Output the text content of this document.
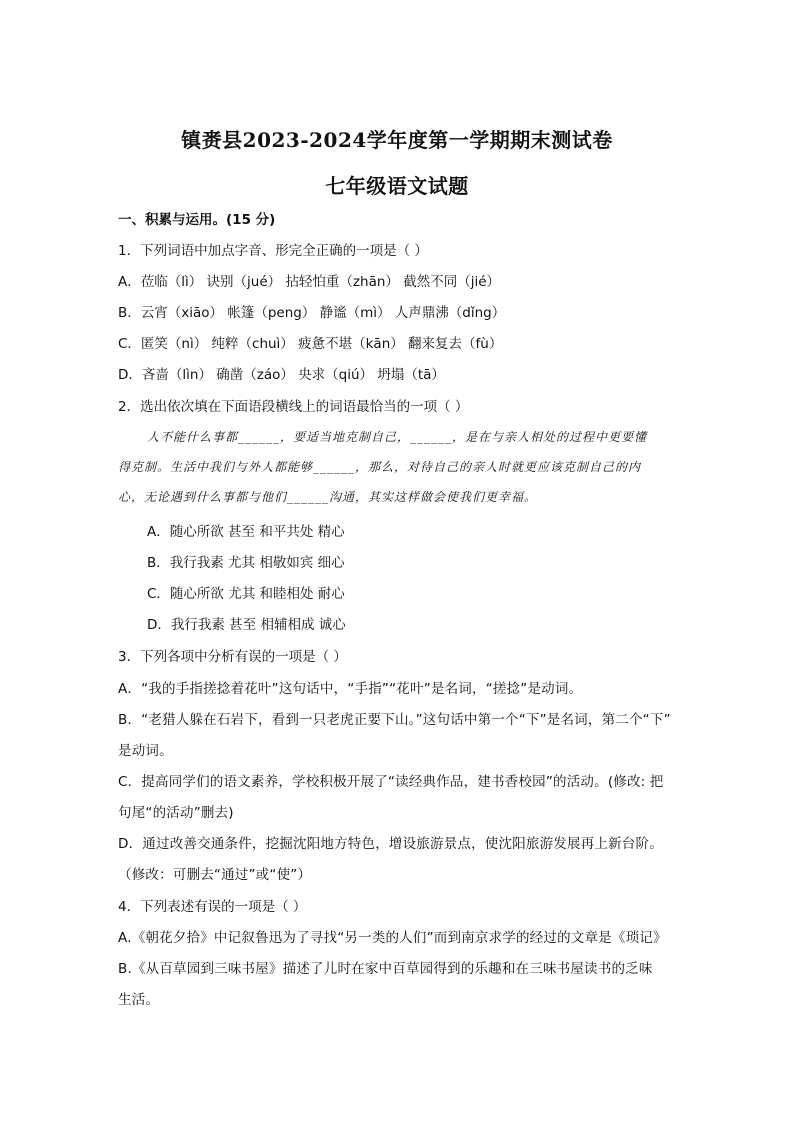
镇赉县2023-2024学年度第一学期期末测试卷
七年级语文试题
一、积累与运用。(15 分)
1．下列词语中加点字音、形完全正确的一项是（ ）
A．莅临（lì） 诀别（jué） 拈轻怕重（zhān） 截然不同（jié）
B．云宵（xiāo） 帐篷（peng） 静谧（mì） 人声鼎沸（dǐng）
C．匿笑（nì） 纯粹（chuì） 疲惫不堪（kān） 翻来复去（fù）
D．吝啬（lìn） 确凿（záo） 央求（qiú） 坍塌（tā）
2．选出依次填在下面语段横线上的词语最恰当的一项（ ）
人不能什么事都______，要适当地克制自己，______，是在与亲人相处的过程中更要懂
得克制。生活中我们与外人都能够______，那么，对待自己的亲人时就更应该克制自己的内
心，无论遇到什么事都与他们______沟通，其实这样做会使我们更幸福。
A．随心所欲 甚至 和平共处 精心
B．我行我素 尤其 相敬如宾 细心
C．随心所欲 尤其 和睦相处 耐心
D．我行我素 甚至 相辅相成 诚心
3．下列各项中分析有误的一项是（ ）
A．“我的手指搓捻着花叶”这句话中，“手指”“花叶”是名词，“搓捻”是动词。
B．“老猎人躲在石岩下，看到一只老虎正要下山。”这句话中第一个“下”是名词，第二个“下”
是动词。
C．提高同学们的语文素养，学校积极开展了“读经典作品，建书香校园”的活动。(修改: 把
句尾“的活动”删去)
D．通过改善交通条件，挖掘沈阳地方特色，增设旅游景点，使沈阳旅游发展再上新台阶。
（修改：可删去“通过”或“使”）
4．下列表述有误的一项是（ ）
A.《朝花夕拾》中记叙鲁迅为了寻找“另一类的人们”而到南京求学的经过的文章是《琐记》
B.《从百草园到三味书屋》描述了儿时在家中百草园得到的乐趣和在三味书屋读书的乏味
生活。
